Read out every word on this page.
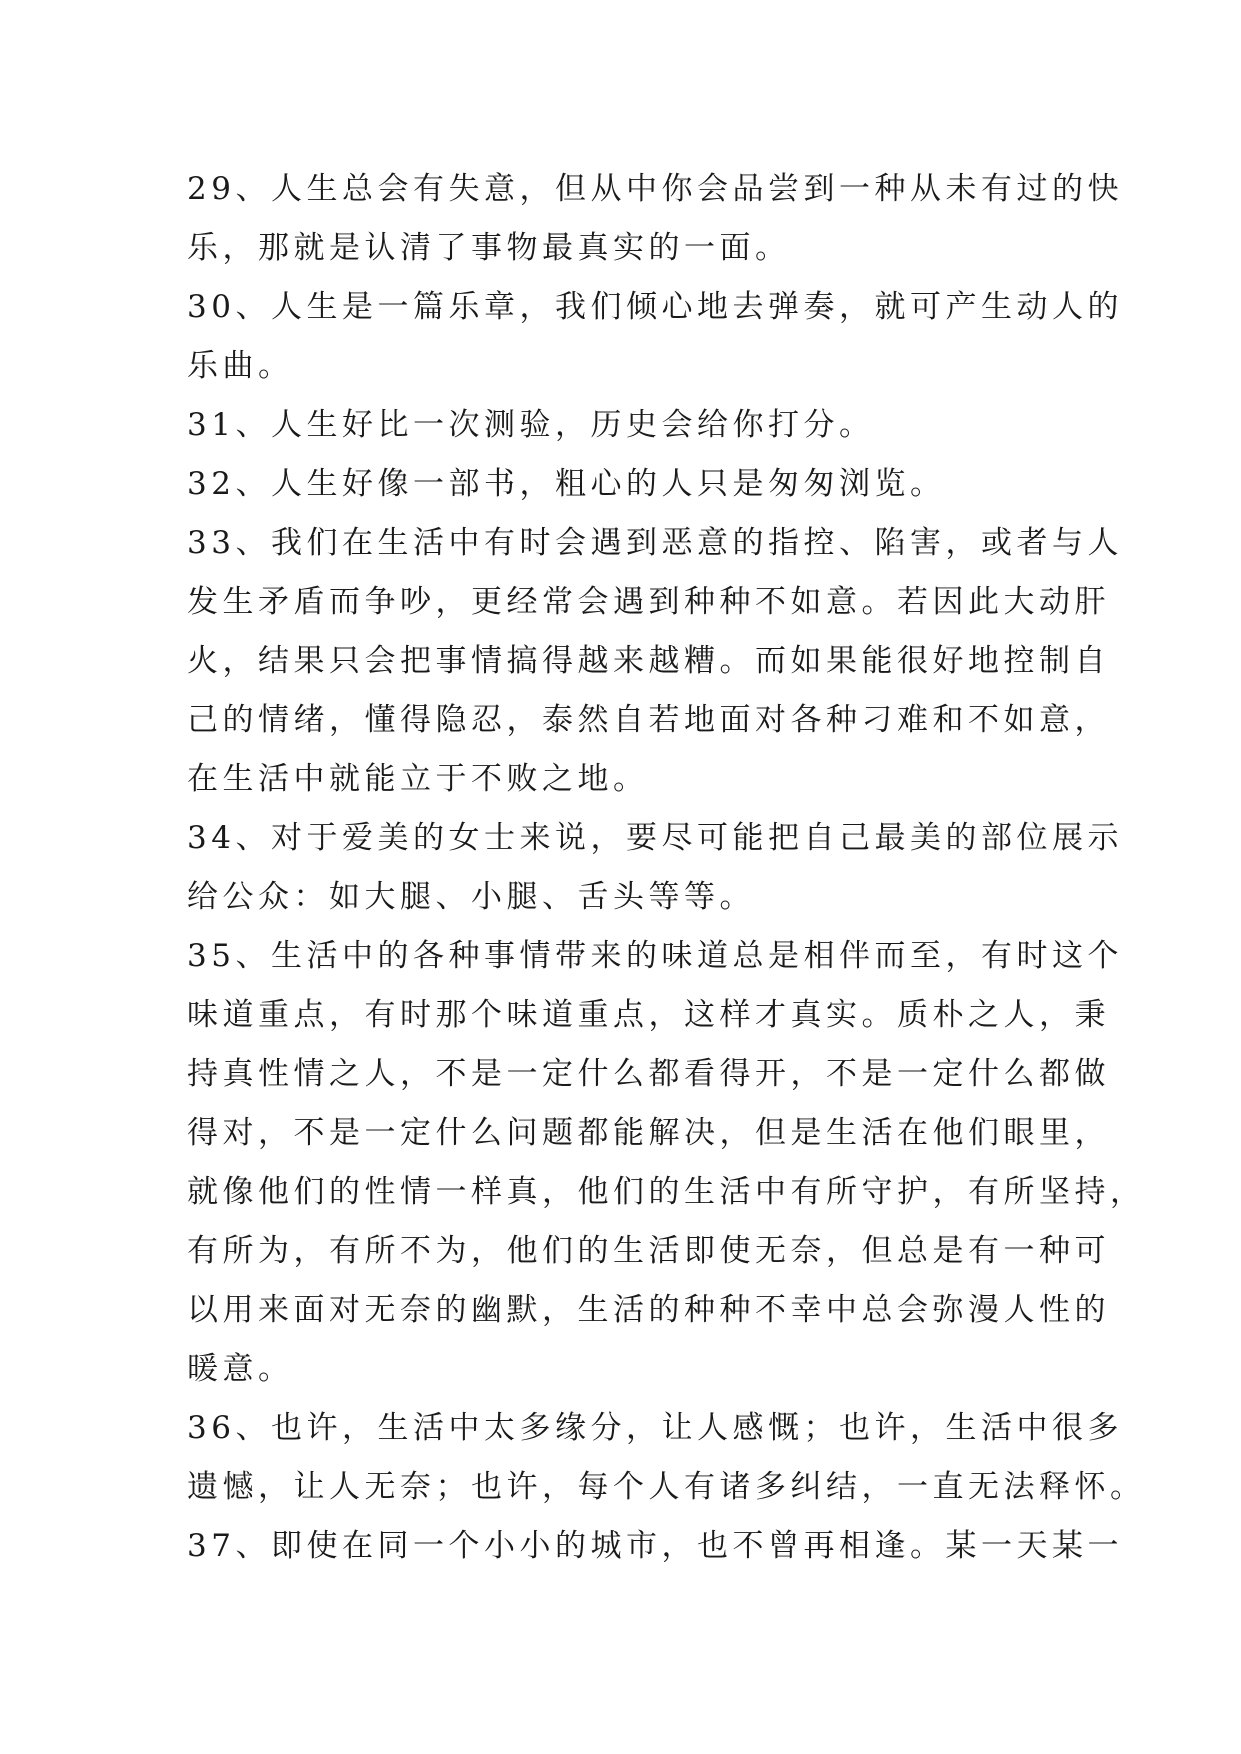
29、人生总会有失意，但从中你会品尝到一种从未有过的快
乐，那就是认清了事物最真实的一面。
30、人生是一篇乐章，我们倾心地去弹奏，就可产生动人的
乐曲。
31、人生好比一次测验，历史会给你打分。
32、人生好像一部书，粗心的人只是匆匆浏览。
33、我们在生活中有时会遇到恶意的指控、陷害，或者与人
发生矛盾而争吵，更经常会遇到种种不如意。若因此大动肝
火，结果只会把事情搞得越来越糟。而如果能很好地控制自
己的情绪，懂得隐忍，泰然自若地面对各种刁难和不如意，
在生活中就能立于不败之地。
34、对于爱美的女士来说，要尽可能把自己最美的部位展示
给公众：如大腿、小腿、舌头等等。
35、生活中的各种事情带来的味道总是相伴而至，有时这个
味道重点，有时那个味道重点，这样才真实。质朴之人，秉
持真性情之人，不是一定什么都看得开，不是一定什么都做
得对，不是一定什么问题都能解决，但是生活在他们眼里，
就像他们的性情一样真，他们的生活中有所守护，有所坚持，
有所为，有所不为，他们的生活即使无奈，但总是有一种可
以用来面对无奈的幽默，生活的种种不幸中总会弥漫人性的
暖意。
36、也许，生活中太多缘分，让人感慨；也许，生活中很多
遗憾，让人无奈；也许，每个人有诸多纠结，一直无法释怀。
37、即使在同一个小小的城市，也不曾再相逢。某一天某一
